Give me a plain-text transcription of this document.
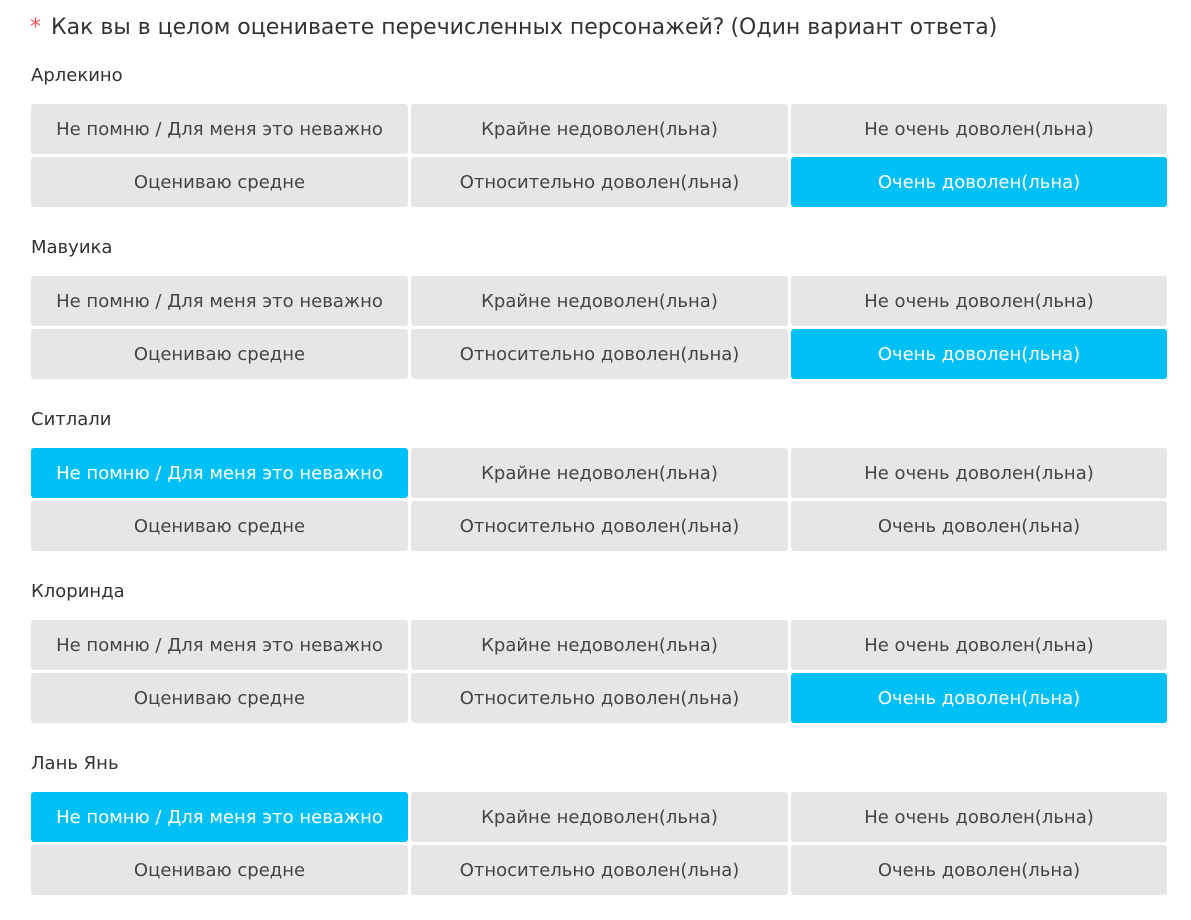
* Как вы в целом оцениваете перечисленных персонажей? (Один вариант ответа)
Арлекино
Не помню / Для меня это неважно	Крайне недоволен(льна)	Не очень доволен(льна)
Оцениваю средне	Относительно доволен(льна)	Очень доволен(льна)
Мавуика
Не помню / Для меня это неважно	Крайне недоволен(льна)	Не очень доволен(льна)
Оцениваю средне	Относительно доволен(льна)	Очень доволен(льна)
Ситлали
Не помню / Для меня это неважно	Крайне недоволен(льна)	Не очень доволен(льна)
Оцениваю средне	Относительно доволен(льна)	Очень доволен(льна)
Клоринда
Не помню / Для меня это неважно	Крайне недоволен(льна)	Не очень доволен(льна)
Оцениваю средне	Относительно доволен(льна)	Очень доволен(льна)
Лань Янь
Не помню / Для меня это неважно	Крайне недоволен(льна)	Не очень доволен(льна)
Оцениваю средне	Относительно доволен(льна)	Очень доволен(льна)
